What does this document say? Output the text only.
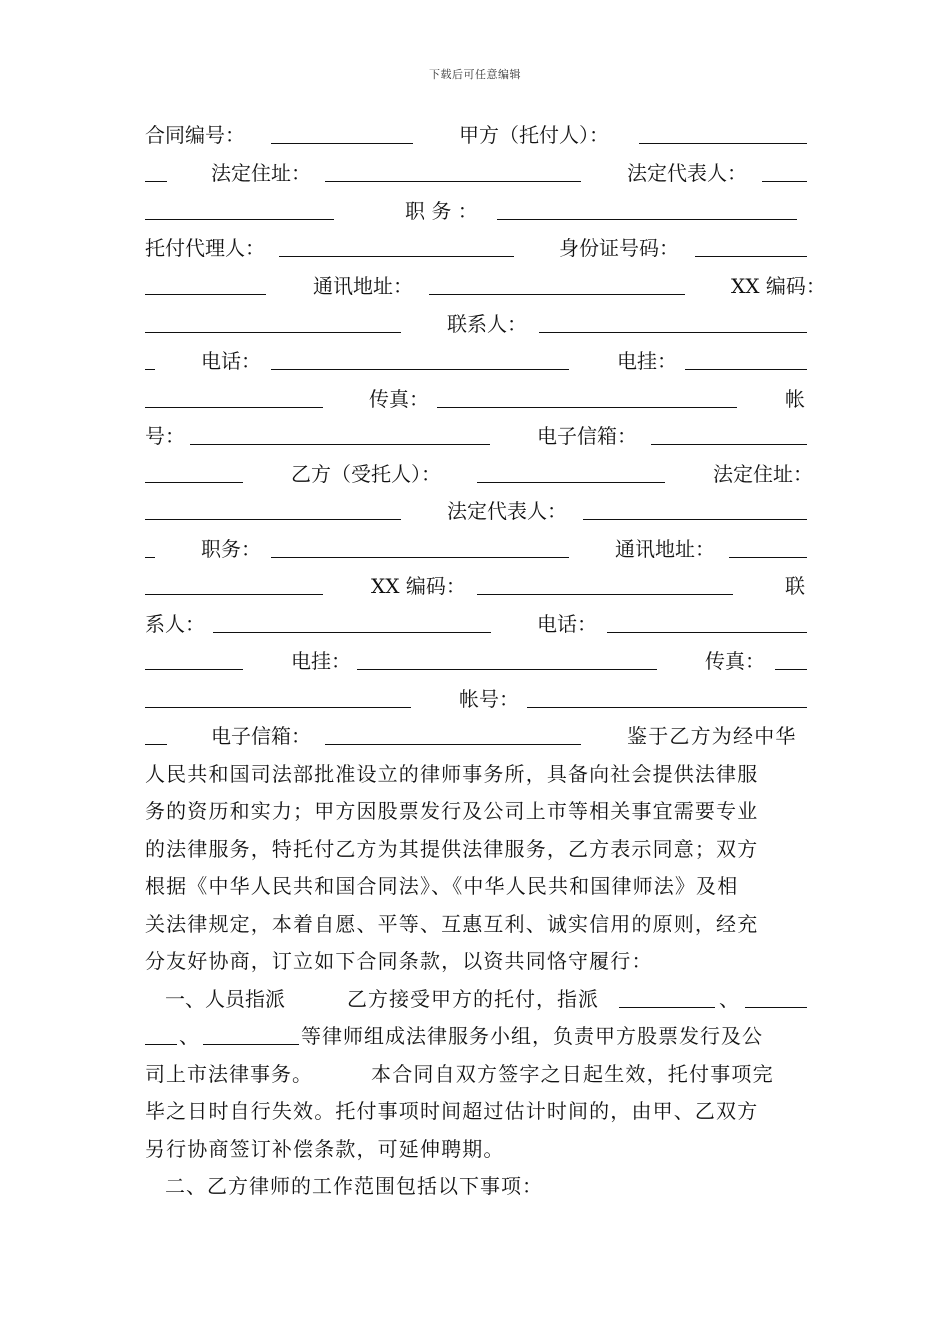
下载后可任意编辑

合同编号：

	甲方（托付人）：

法定住址：

	法定代表人：

职 务 ：

托付代理人：

	身份证号码：

通讯地址：

	XX 编码：

联系人：

电话：

	电挂：

传真：

	帐

号：

	电子信箱：

乙方（受托人）：

	法定住址：

法定代表人：

职务：

	通讯地址：

XX 编码：

	联

系人：

	电话：

电挂：

	传真：

帐号：

电子信箱：

	鉴于乙方为经中华

人民共和国司法部批准设立的律师事务所，具备向社会提供法律服
务的资历和实力；甲方因股票发行及公司上市等相关事宜需要专业
的法律服务，特托付乙方为其提供法律服务，乙方表示同意；双方
根据《中华人民共和国合同法》、《中华人民共和国律师法》及相
关法律规定，本着自愿、平等、互惠互利、诚实信用的原则，经充
分友好协商，订立如下合同条款，以资共同恪守履行：

一、人员指派

	乙方接受甲方的托付，指派

	、

、

	等律师组成法律服务小组，负责甲方股票发行及公

司上市法律事务。

	本合同自双方签字之日起生效，托付事项完

毕之日时自行失效。托付事项时间超过估计时间的，由甲、乙双方
另行协商签订补偿条款，可延伸聘期。
二、乙方律师的工作范围包括以下事项：
